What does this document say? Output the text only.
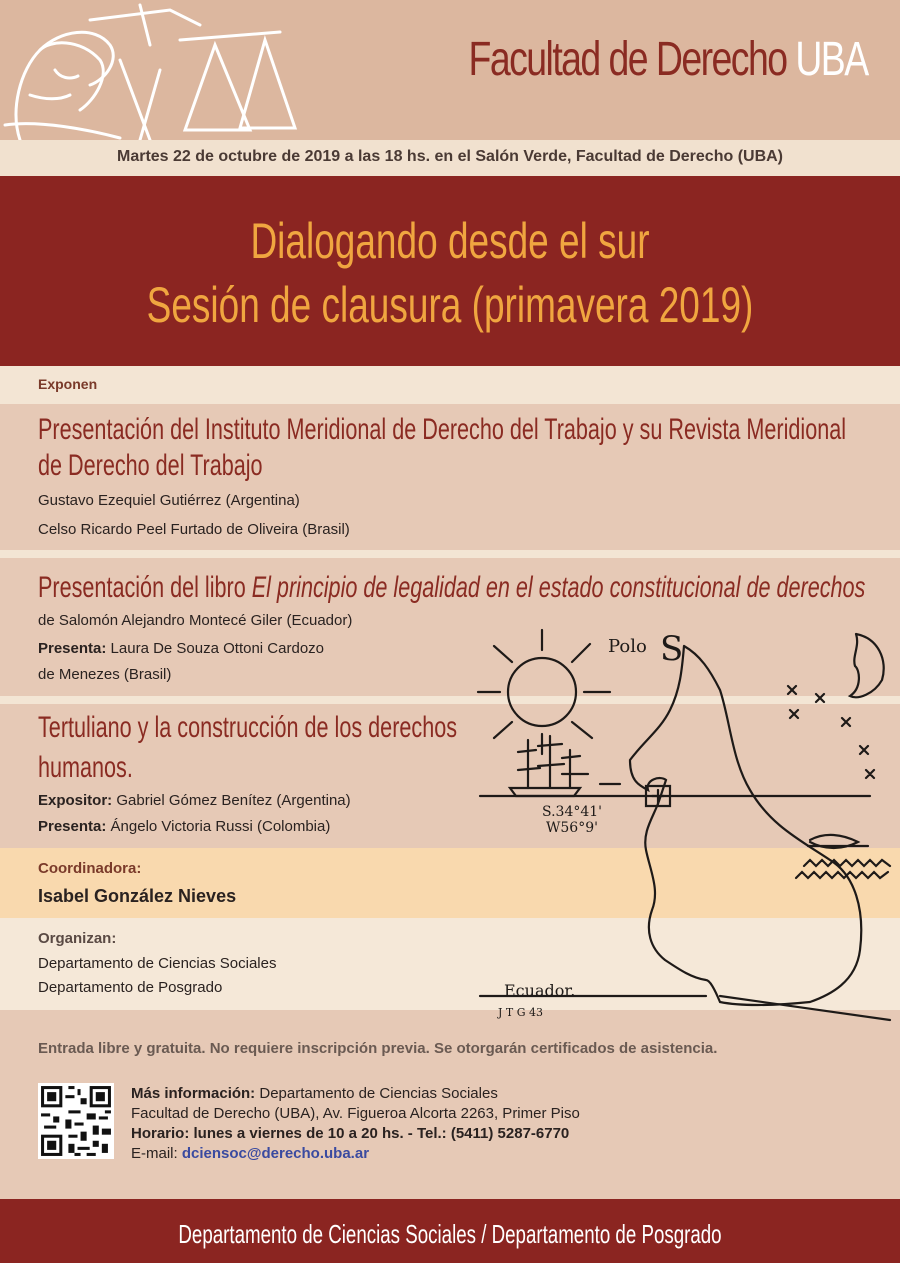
Facultad de Derecho UBA
Martes 22 de octubre de 2019 a las 18 hs. en el Salón Verde, Facultad de Derecho (UBA)
Dialogando desde el sur
Sesión de clausura (primavera 2019)
Exponen
Presentación del Instituto Meridional de Derecho del Trabajo y su Revista Meridional
de Derecho del Trabajo
Gustavo Ezequiel Gutiérrez (Argentina)
Celso Ricardo Peel Furtado de Oliveira (Brasil)
Presentación del libro El principio de legalidad en el estado constitucional de derechos
de Salomón Alejandro Montecé Giler (Ecuador)
Presenta: Laura De Souza Ottoni Cardozo
de Menezes (Brasil)
Tertuliano y la construcción de los derechos
humanos.
Expositor: Gabriel Gómez Benítez (Argentina)
Presenta: Ángelo Victoria Russi (Colombia)
Coordinadora:
Isabel González Nieves
Organizan:
Departamento de Ciencias Sociales
Departamento de Posgrado
Polo S
S.34°41'
W56°9'
Ecuador.
J T G 43
Entrada libre y gratuita. No requiere inscripción previa. Se otorgarán certificados de asistencia.
Más información: Departamento de Ciencias Sociales
Facultad de Derecho (UBA), Av. Figueroa Alcorta 2263, Primer Piso
Horario: lunes a viernes de 10 a 20 hs. - Tel.: (5411) 5287-6770
E-mail: dciensoc@derecho.uba.ar
Departamento de Ciencias Sociales / Departamento de Posgrado
